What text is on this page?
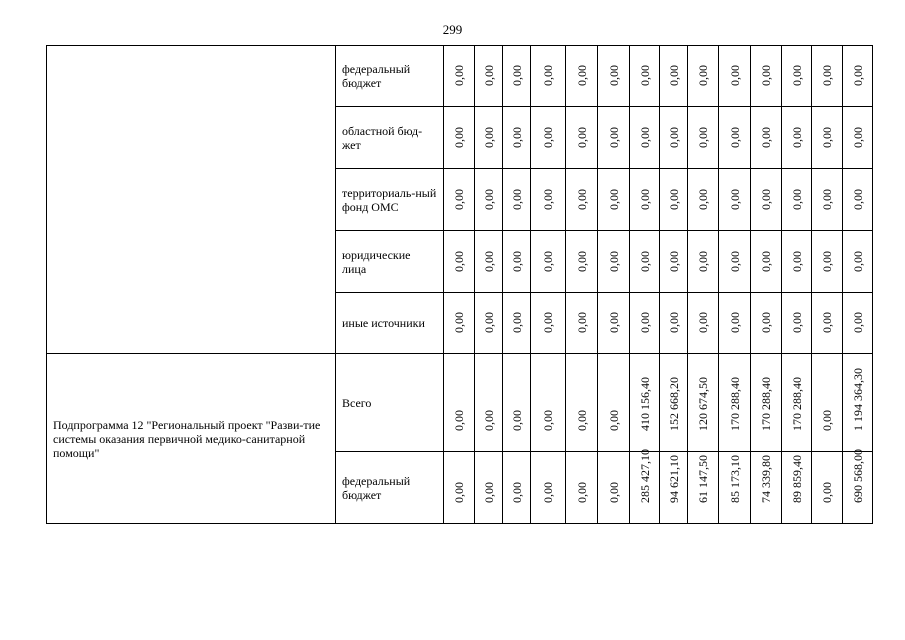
299
	федеральный бюджет	0,00	0,00	0,00	0,00	0,00	0,00	0,00	0,00	0,00	0,00	0,00	0,00	0,00	0,00

	областной бюд-жет	0,00	0,00	0,00	0,00	0,00	0,00	0,00	0,00	0,00	0,00	0,00	0,00	0,00	0,00

	территориаль-ный фонд ОМС	0,00	0,00	0,00	0,00	0,00	0,00	0,00	0,00	0,00	0,00	0,00	0,00	0,00	0,00

	юридические лица	0,00	0,00	0,00	0,00	0,00	0,00	0,00	0,00	0,00	0,00	0,00	0,00	0,00	0,00

	иные источники	0,00	0,00	0,00	0,00	0,00	0,00	0,00	0,00	0,00	0,00	0,00	0,00	0,00	0,00

Подпрограмма 12 "Региональный проект "Разви-тие системы оказания первичной медико-санитарной помощи"	Всего	0,00	0,00	0,00	0,00	0,00	0,00	410 156,40	152 668,20	120 674,50	170 288,40	170 288,40	170 288,40	0,00	1 194 364,30

	федеральный бюджет	0,00	0,00	0,00	0,00	0,00	0,00	285 427,10	94 621,10	61 147,50	85 173,10	74 339,80	89 859,40	0,00	690 568,00
